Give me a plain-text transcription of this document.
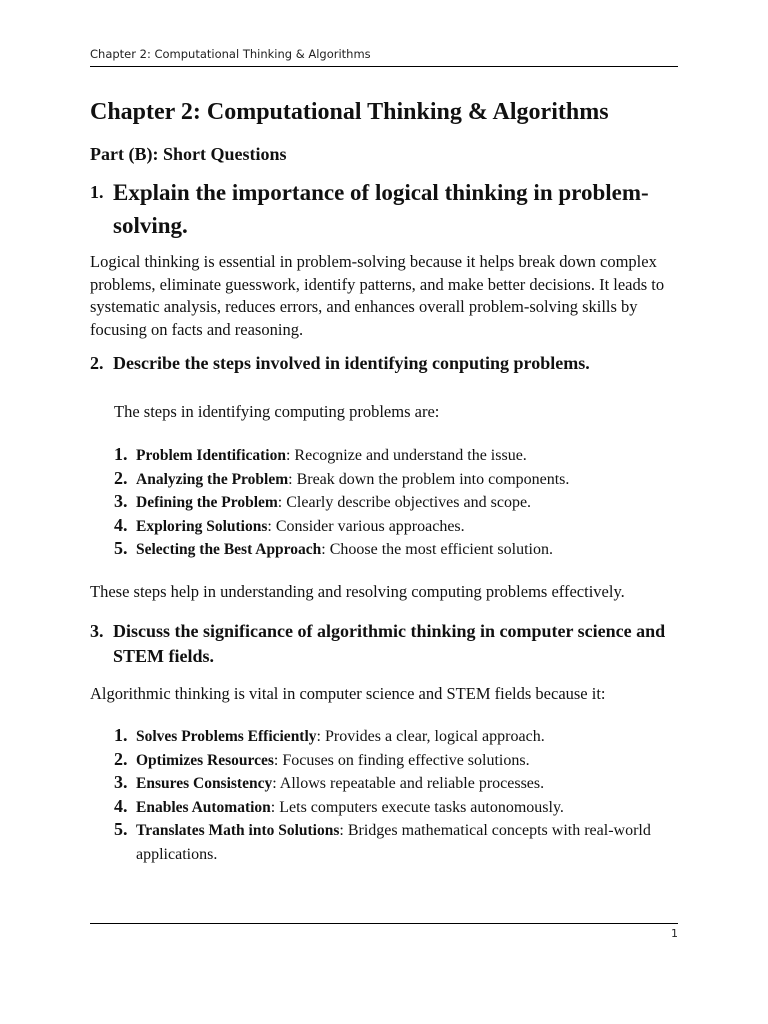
Chapter 2: Computational Thinking & Algorithms
Chapter 2: Computational Thinking & Algorithms
Part (B): Short Questions
1. Explain the importance of logical thinking in problem-solving.

Logical thinking is essential in problem-solving because it helps break down complex problems, eliminate guesswork, identify patterns, and make better decisions. It leads to systematic analysis, reduces errors, and enhances overall problem-solving skills by focusing on facts and reasoning.

2. Describe the steps involved in identifying conputing problems.

The steps in identifying computing problems are:

1. Problem Identification: Recognize and understand the issue.
2. Analyzing the Problem: Break down the problem into components.
3. Defining the Problem: Clearly describe objectives and scope.
4. Exploring Solutions: Consider various approaches.
5. Selecting the Best Approach: Choose the most efficient solution.

These steps help in understanding and resolving computing problems effectively.

3. Discuss the significance of algorithmic thinking in computer science and STEM fields.

Algorithmic thinking is vital in computer science and STEM fields because it:

1. Solves Problems Efficiently: Provides a clear, logical approach.
2. Optimizes Resources: Focuses on finding effective solutions.
3. Ensures Consistency: Allows repeatable and reliable processes.
4. Enables Automation: Lets computers execute tasks autonomously.
5. Translates Math into Solutions: Bridges mathematical concepts with real-world applications.
1
